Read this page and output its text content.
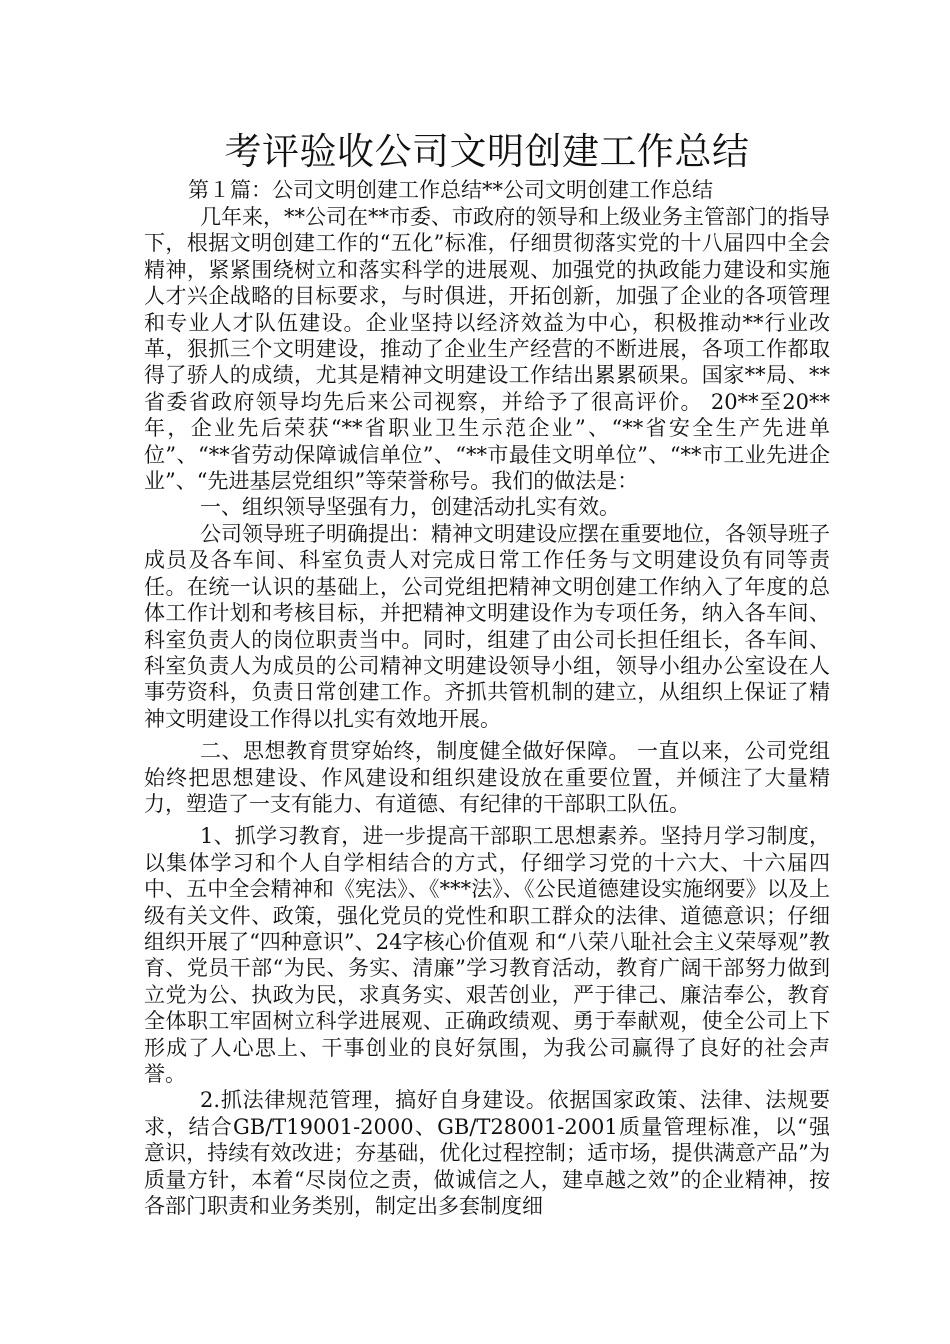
考评验收公司文明创建工作总结

第１篇：公司文明创建工作总结**公司文明创建工作总结

几年来，**公司在**市委、市政府的领导和上级业务主管部门的指导下，根据文明创建工作的“五化”标准，仔细贯彻落实党的十八届四中全会精神，紧紧围绕树立和落实科学的进展观、加强党的执政能力建设和实施人才兴企战略的目标要求，与时俱进，开拓创新，加强了企业的各项管理和专业人才队伍建设。企业坚持以经济效益为中心，积极推动**行业改革，狠抓三个文明建设，推动了企业生产经营的不断进展，各项工作都取得了骄人的成绩，尤其是精神文明建设工作结出累累硕果。国家**局、**省委省政府领导均先后来公司视察，并给予了很高评价。 20**至20**年，企业先后荣获“**省职业卫生示范企业”、“**省安全生产先进单位”、“**省劳动保障诚信单位”、“**市最佳文明单位”、“**市工业先进企业”、“先进基层党组织”等荣誉称号。我们的做法是：

一、组织领导坚强有力，创建活动扎实有效。

公司领导班子明确提出：精神文明建设应摆在重要地位，各领导班子成员及各车间、科室负责人对完成日常工作任务与文明建设负有同等责任。在统一认识的基础上，公司党组把精神文明创建工作纳入了年度的总体工作计划和考核目标，并把精神文明建设作为专项任务，纳入各车间、科室负责人的岗位职责当中。同时，组建了由公司长担任组长，各车间、科室负责人为成员的公司精神文明建设领导小组，领导小组办公室设在人事劳资科，负责日常创建工作。齐抓共管机制的建立，从组织上保证了精神文明建设工作得以扎实有效地开展。

二、思想教育贯穿始终，制度健全做好保障。 一直以来，公司党组始终把思想建设、作风建设和组织建设放在重要位置，并倾注了大量精力，塑造了一支有能力、有道德、有纪律的干部职工队伍。

1、抓学习教育，进一步提高干部职工思想素养。坚持月学习制度，以集体学习和个人自学相结合的方式，仔细学习党的十六大、十六届四中、五中全会精神和《宪法》、《***法》、《公民道德建设实施纲要》以及上级有关文件、政策，强化党员的党性和职工群众的法律、道德意识；仔细组织开展了“四种意识”、24字核心价值观 和“八荣八耻社会主义荣辱观”教育、党员干部“为民、务实、清廉”学习教育活动，教育广阔干部努力做到立党为公、执政为民，求真务实、艰苦创业，严于律己、廉洁奉公，教育全体职工牢固树立科学进展观、正确政绩观、勇于奉献观，使全公司上下形成了人心思上、干事创业的良好氛围，为我公司赢得了良好的社会声誉。

2.抓法律规范管理，搞好自身建设。依据国家政策、法律、法规要求，结合GB/T19001-2000、GB/T28001-2001质量管理标准，以“强意识，持续有效改进；夯基础，优化过程控制；适市场，提供满意产品”为质量方针，本着“尽岗位之责，做诚信之人，建卓越之效”的企业精神，按各部门职责和业务类别，制定出多套制度细
